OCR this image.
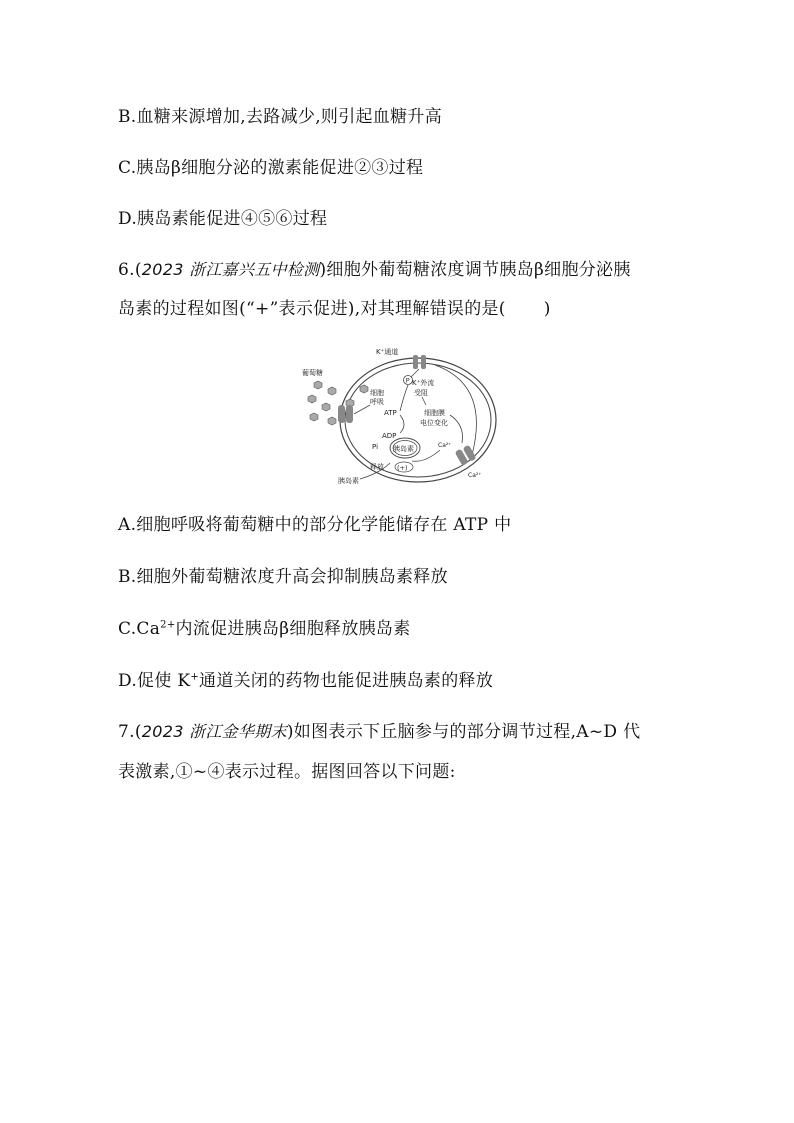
B.血糖来源增加,去路减少,则引起血糖升高
C.胰岛β细胞分泌的激素能促进②③过程
D.胰岛素能促进④⑤⑥过程
6.(2023 浙江嘉兴五中检测)细胞外葡萄糖浓度调节胰岛β细胞分泌胰
岛素的过程如图(“+”表示促进),对其理解错误的是( )
K⁺通道
P
葡萄糖
细胞
呼吸
ATP
ADP
Pi
K⁺外流
受阻
细胞膜
电位变化
Ca²⁺
Ca²⁺
胰岛素
释放 (+)
胰岛素
A.细胞呼吸将葡萄糖中的部分化学能储存在 ATP 中
B.细胞外葡萄糖浓度升高会抑制胰岛素释放
$C.Ca^{2+}$内流促进胰岛β细胞释放胰岛素
D.促使 K+通道关闭的药物也能促进胰岛素的释放
7.(2023 浙江金华期末)如图表示下丘脑参与的部分调节过程,A~D 代
表激素,①~④表示过程。据图回答以下问题:
